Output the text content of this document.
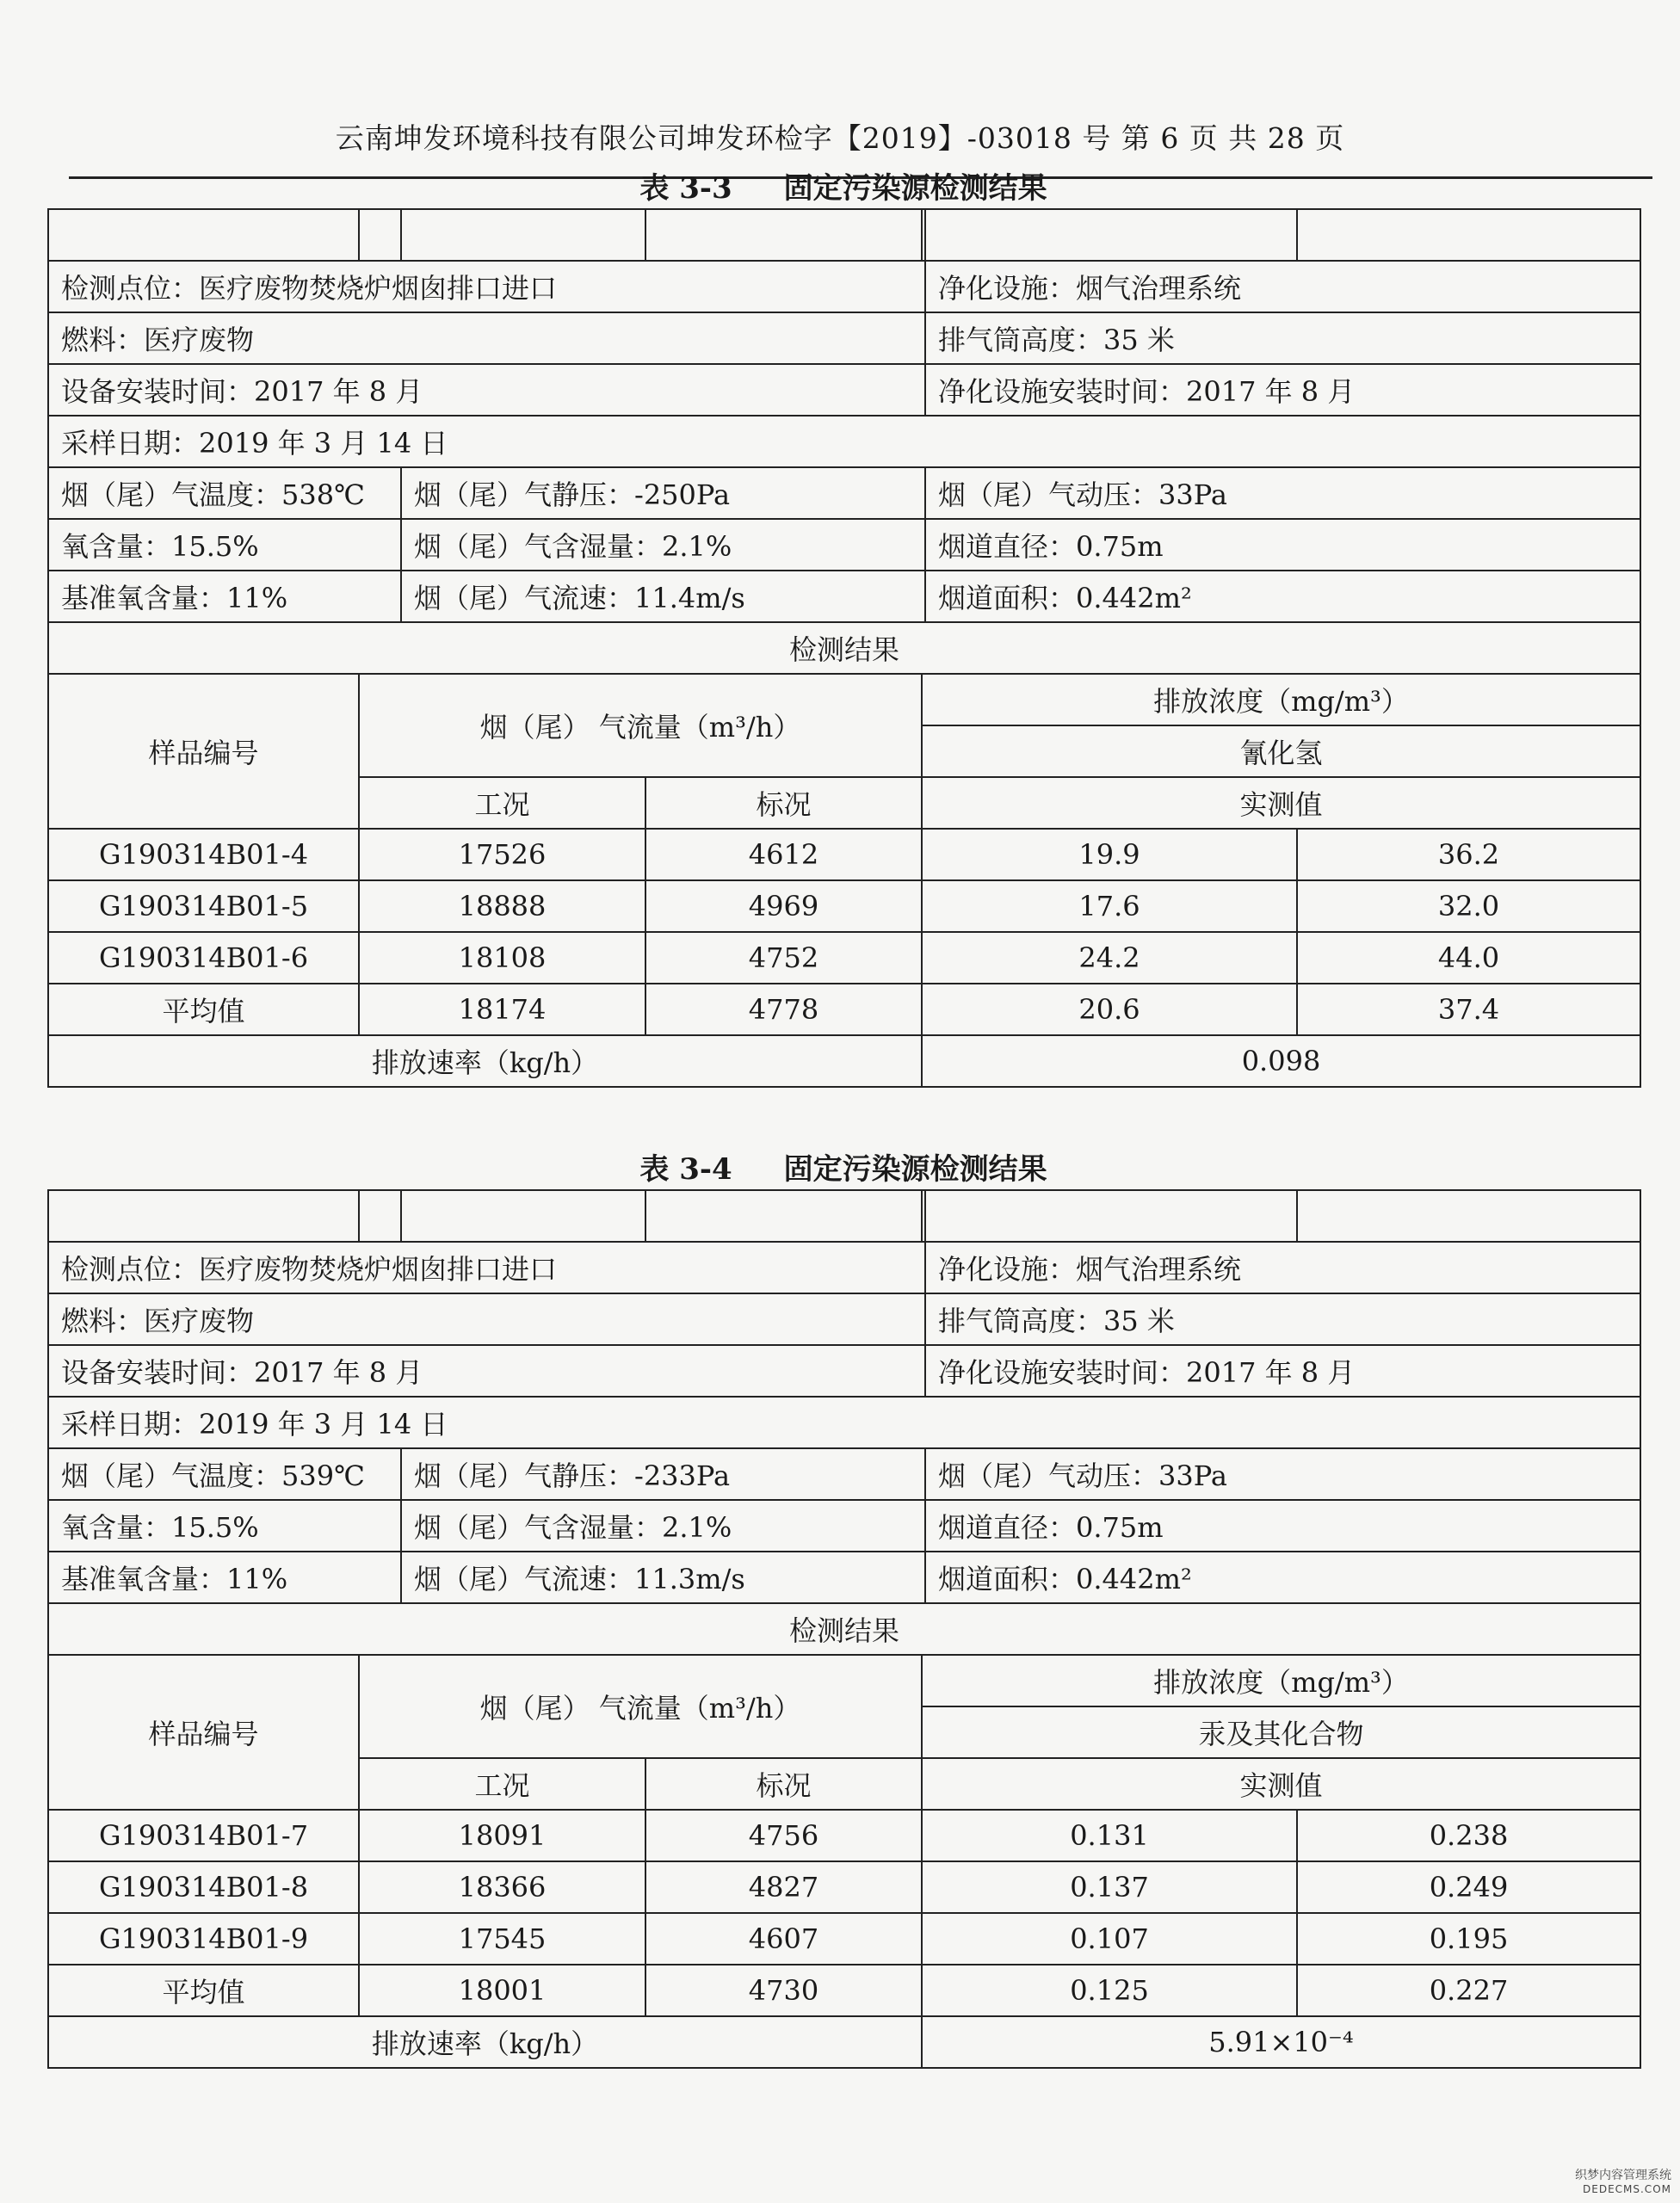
云南坤发环境科技有限公司坤发环检字【2019】-03018 号 第 6 页 共 28 页
表 3-3 固定污染源检测结果

检测点位：医疗废物焚烧炉烟囱排口进口					净化设施：烟气治理系统		
燃料：医疗废物					排气筒高度：35 米		
设备安装时间：2017 年 8 月					净化设施安装时间：2017 年 8 月		
采样日期：2019 年 3 月 14 日							
烟（尾）气温度：538℃		烟（尾）气静压：-250Pa			烟（尾）气动压：33Pa		
氧含量：15.5%		烟（尾）气含湿量：2.1%			烟道直径：0.75m		
基准氧含量：11%		烟（尾）气流速：11.4m/s			烟道面积：0.442m²		
检测结果							
样品编号	烟（尾） 气流量（m³/h）			排放浓度（mg/m³）			
				氰化氢			
	工况		标况	实测值	
G190314B01-4	17526		4612	19.9		36.2	
G190314B01-5	18888		4969	17.6		32.0	
G190314B01-6	18108		4752	24.2		44.0	
平均值	18174		4778	20.6		37.4	
排放速率（kg/h）				0.098			
表 3-4 固定污染源检测结果

检测点位：医疗废物焚烧炉烟囱排口进口					净化设施：烟气治理系统		
燃料：医疗废物					排气筒高度：35 米		
设备安装时间：2017 年 8 月					净化设施安装时间：2017 年 8 月		
采样日期：2019 年 3 月 14 日							
烟（尾）气温度：539℃		烟（尾）气静压：-233Pa			烟（尾）气动压：33Pa		
氧含量：15.5%		烟（尾）气含湿量：2.1%			烟道直径：0.75m		
基准氧含量：11%		烟（尾）气流速：11.3m/s			烟道面积：0.442m²		
检测结果							
样品编号	烟（尾） 气流量（m³/h）			排放浓度（mg/m³）			
				汞及其化合物			
	工况		标况	实测值	
G190314B01-7	18091		4756	0.131		0.238	
G190314B01-8	18366		4827	0.137		0.249	
G190314B01-9	17545		4607	0.107		0.195	
平均值	18001		4730	0.125		0.227	
排放速率（kg/h）				5.91×10⁻⁴			
织梦内容管理系统
DEDECMS.COM
